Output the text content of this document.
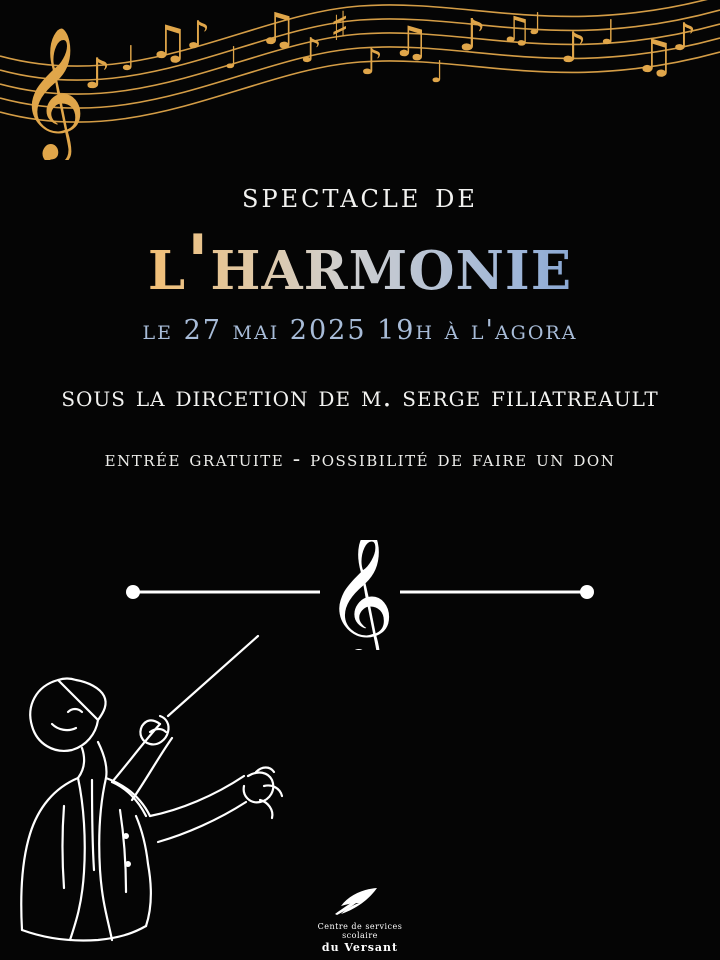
𝄞
♪ ♩ ♫
♪
♩
♫ ♪
♯
♪ ♫
♩
♪ ♫
♩ ♪ ♩ ♫
♪
spectacle de
l'harmonie
le 27 mai 2025 19h à l'agora
sous la dircetion de m. serge filiatreault
entrée gratuite - possibilité de faire un don
𝄞
Centre de services scolaire
du Versant
